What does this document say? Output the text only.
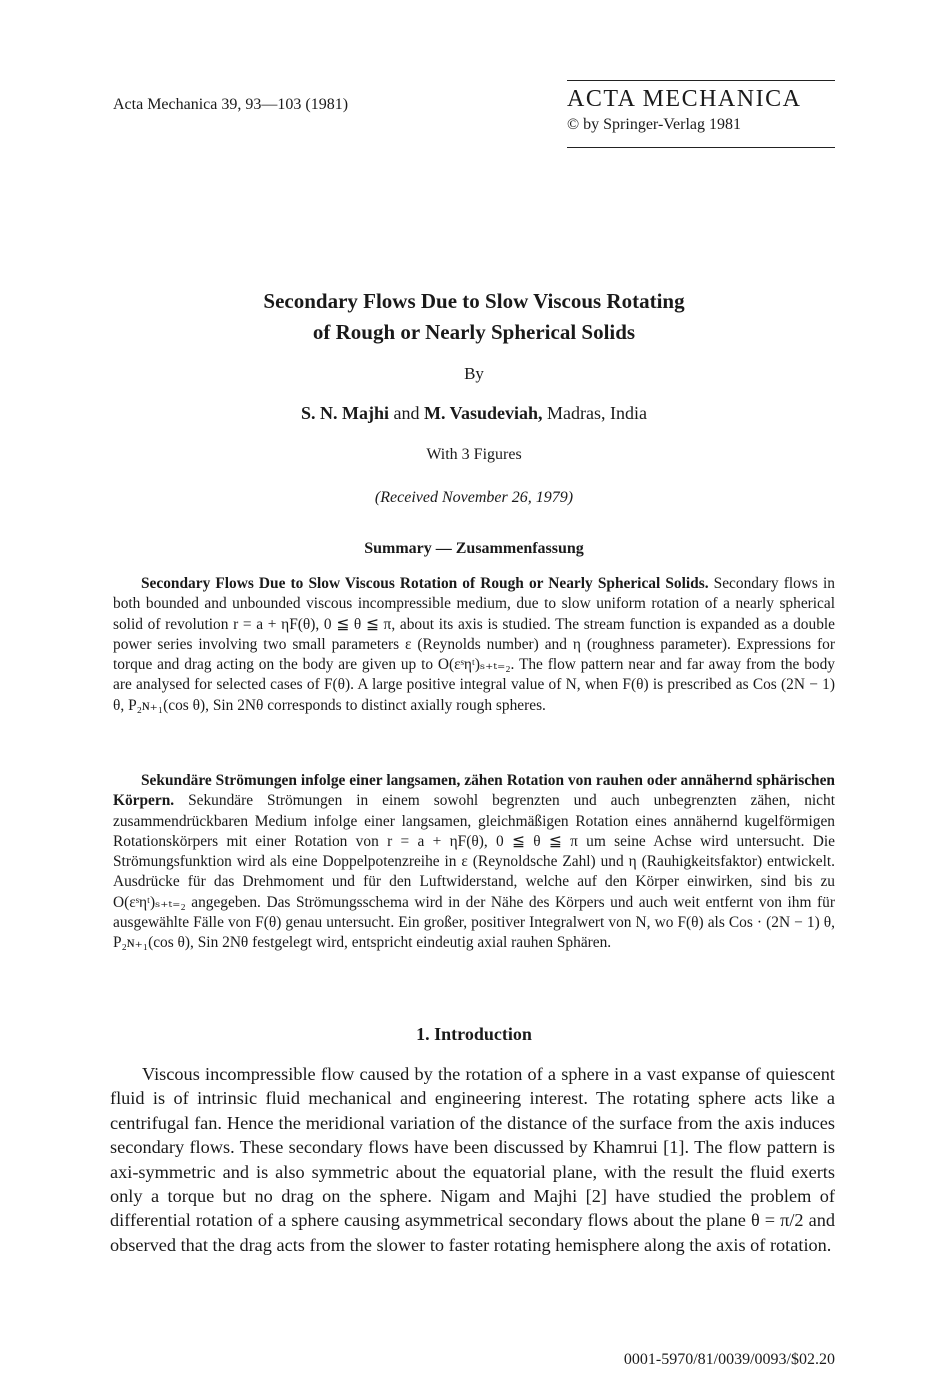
Acta Mechanica 39, 93—103 (1981)	ACTA MECHANICA
© by Springer-Verlag 1981
Secondary Flows Due to Slow Viscous Rotating
of Rough or Nearly Spherical Solids
By
S. N. Majhi and M. Vasudeviah, Madras, India
With 3 Figures
(Received November 26, 1979)
Summary — Zusammenfassung

Secondary Flows Due to Slow Viscous Rotation of Rough or Nearly Spherical Solids. Secondary flows in both bounded and unbounded viscous incompressible medium, due to slow uniform rotation of a nearly spherical solid of revolution r = a + ηF(θ), 0 ≦ θ ≦ π, about its axis is studied. The stream function is expanded as a double power series involving two small parameters ε (Reynolds number) and η (roughness parameter). Expressions for torque and drag acting on the body are given up to O(εˢηᵗ)ₛ₊ₜ₌₂. The flow pattern near and far away from the body are analysed for selected cases of F(θ). A large positive integral value of N, when F(θ) is prescribed as Cos (2N − 1) θ, P₂ɴ₊₁(cos θ), Sin 2Nθ corresponds to distinct axially rough spheres.

Sekundäre Strömungen infolge einer langsamen, zähen Rotation von rauhen oder annähernd sphärischen Körpern. Sekundäre Strömungen in einem sowohl begrenzten und auch unbegrenzten zähen, nicht zusammendrückbaren Medium infolge einer langsamen, gleichmäßigen Rotation eines annähernd kugelförmigen Rotationskörpers mit einer Rotation von r = a + ηF(θ), 0 ≦ θ ≦ π um seine Achse wird untersucht. Die Strömungsfunktion wird als eine Doppelpotenzreihe in ε (Reynoldsche Zahl) und η (Rauhigkeitsfaktor) entwickelt. Ausdrücke für das Drehmoment und für den Luftwiderstand, welche auf den Körper einwirken, sind bis zu O(εˢηᵗ)ₛ₊ₜ₌₂ angegeben. Das Strömungsschema wird in der Nähe des Körpers und auch weit entfernt von ihm für ausgewählte Fälle von F(θ) genau untersucht. Ein großer, positiver Integralwert von N, wo F(θ) als Cos · (2N − 1) θ, P₂ɴ₊₁(cos θ), Sin 2Nθ festgelegt wird, entspricht eindeutig axial rauhen Sphären.

1. Introduction

Viscous incompressible flow caused by the rotation of a sphere in a vast expanse of quiescent fluid is of intrinsic fluid mechanical and engineering interest. The rotating sphere acts like a centrifugal fan. Hence the meridional variation of the distance of the surface from the axis induces secondary flows. These secondary flows have been discussed by Khamrui [1]. The flow pattern is axi-symmetric and is also symmetric about the equatorial plane, with the result the fluid exerts only a torque but no drag on the sphere. Nigam and Majhi [2] have studied the problem of differential rotation of a sphere causing asymmetrical secondary flows about the plane θ = π/2 and observed that the drag acts from the slower to faster rotating hemisphere along the axis of rotation.

0001-5970/81/0039/0093/$02.20
